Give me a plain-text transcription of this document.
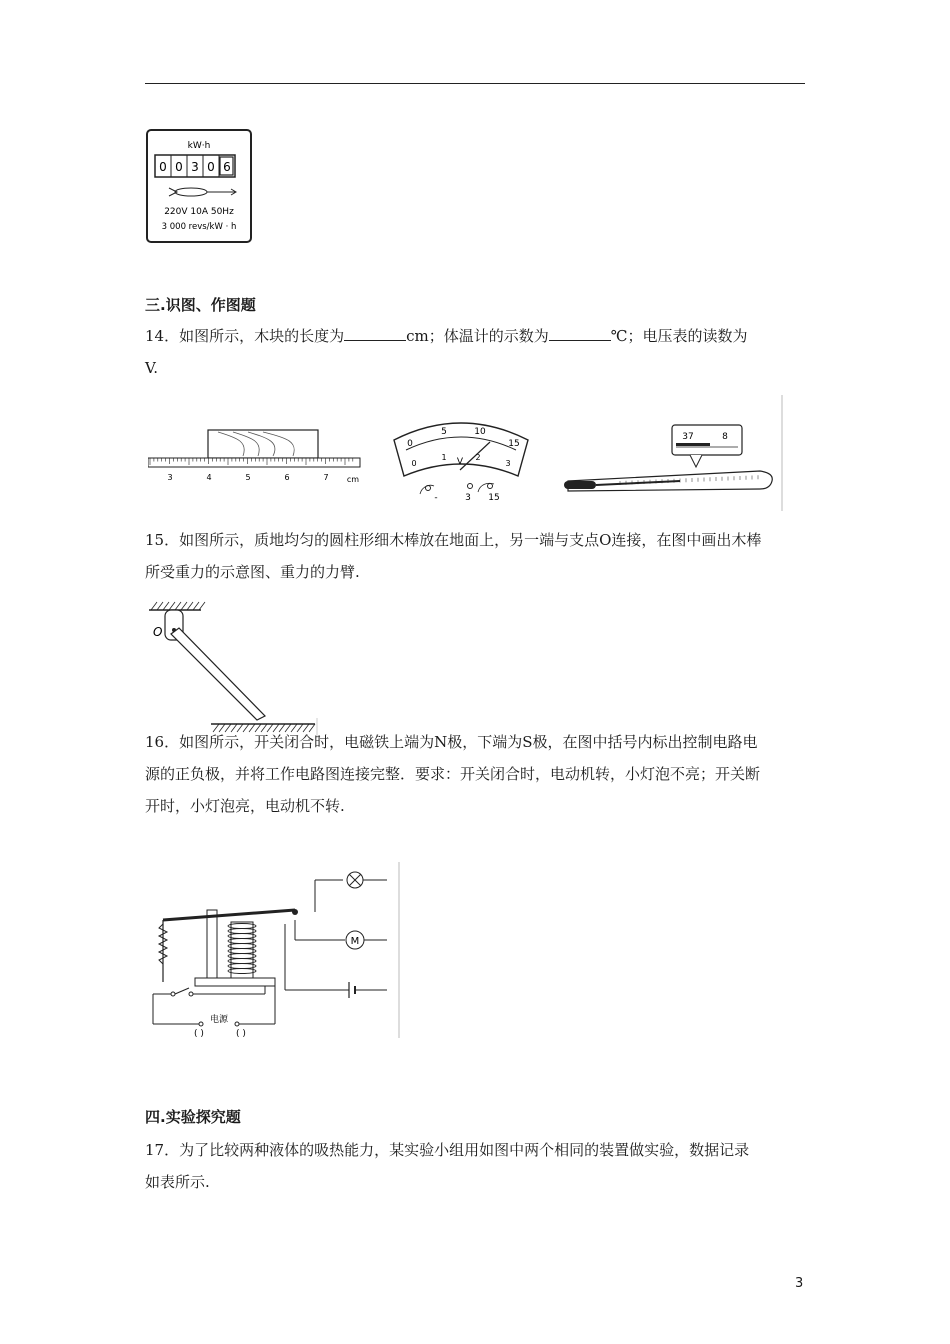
kW·h
0 0 3 0 6
220V 10A 50Hz
3 000 revs/kW · h
三.识图、作图题
14．如图所示，木块的长度为	cm；体温计的示数为	℃；电压表的读数为
V.
3	4	5	6	7 cm
0
5	10
15
0
1	2
3
V
-	3 15
37	8
15．如图所示，质地均匀的圆柱形细木棒放在地面上，另一端与支点O连接，在图中画出木棒
所受重力的示意图、重力的力臂.
O
16．如图所示，开关闭合时，电磁铁上端为N极，下端为S极，在图中括号内标出控制电路电
源的正负极，并将工作电路图连接完整．要求：开关闭合时，电动机转，小灯泡不亮；开关断
开时，小灯泡亮，电动机不转.
M
电源
( )	( )
四.实验探究题
17．为了比较两种液体的吸热能力，某实验小组用如图中两个相同的装置做实验，数据记录
如表所示.
3
